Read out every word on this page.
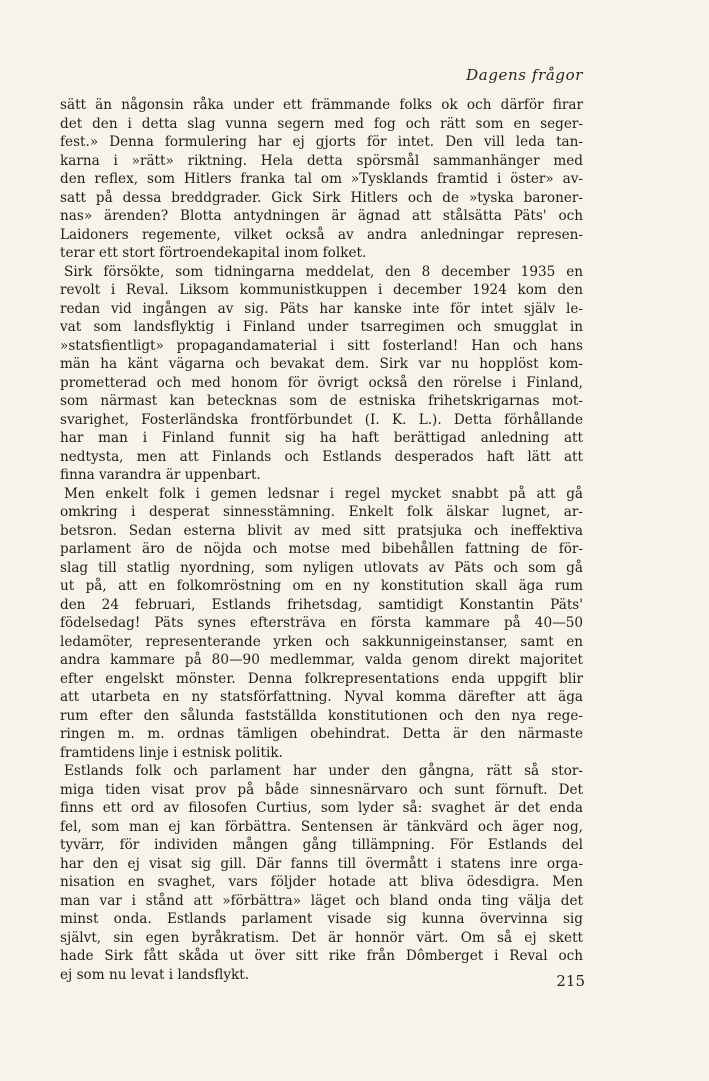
Dagens frågor
sätt än någonsin råka under ett främmande folks ok och därför firar
det den i detta slag vunna segern med fog och rätt som en seger-
fest.» Denna formulering har ej gjorts för intet. Den vill leda tan-
karna i »rätt» riktning. Hela detta spörsmål sammanhänger med
den reflex, som Hitlers franka tal om »Tysklands framtid i öster» av-
satt på dessa breddgrader. Gick Sirk Hitlers och de »tyska baroner-
nas» ärenden? Blotta antydningen är ägnad att stålsätta Päts' och
Laidoners regemente, vilket också av andra anledningar represen-
terar ett stort förtroendekapital inom folket.
Sirk försökte, som tidningarna meddelat, den 8 december 1935 en
revolt i Reval. Liksom kommunistkuppen i december 1924 kom den
redan vid ingången av sig. Päts har kanske inte för intet själv le-
vat som landsflyktig i Finland under tsarregimen och smugglat in
»statsfientligt» propagandamaterial i sitt fosterland! Han och hans
män ha känt vägarna och bevakat dem. Sirk var nu hopplöst kom-
prometterad och med honom för övrigt också den rörelse i Finland,
som närmast kan betecknas som de estniska frihetskrigarnas mot-
svarighet, Fosterländska frontförbundet (I. K. L.). Detta förhållande
har man i Finland funnit sig ha haft berättigad anledning att
nedtysta, men att Finlands och Estlands desperados haft lätt att
finna varandra är uppenbart.
Men enkelt folk i gemen ledsnar i regel mycket snabbt på att gå
omkring i desperat sinnesstämning. Enkelt folk älskar lugnet, ar-
betsron. Sedan esterna blivit av med sitt pratsjuka och ineffektiva
parlament äro de nöjda och motse med bibehållen fattning de för-
slag till statlig nyordning, som nyligen utlovats av Päts och som gå
ut på, att en folkomröstning om en ny konstitution skall äga rum
den 24 februari, Estlands frihetsdag, samtidigt Konstantin Päts'
födelsedag! Päts synes eftersträva en första kammare på 40—50
ledamöter, representerande yrken och sakkunnigeinstanser, samt en
andra kammare på 80—90 medlemmar, valda genom direkt majoritet
efter engelskt mönster. Denna folkrepresentations enda uppgift blir
att utarbeta en ny statsförfattning. Nyval komma därefter att äga
rum efter den sålunda fastställda konstitutionen och den nya rege-
ringen m. m. ordnas tämligen obehindrat. Detta är den närmaste
framtidens linje i estnisk politik.
Estlands folk och parlament har under den gångna, rätt så stor-
miga tiden visat prov på både sinnesnärvaro och sunt förnuft. Det
finns ett ord av filosofen Curtius, som lyder så: svaghet är det enda
fel, som man ej kan förbättra. Sentensen är tänkvärd och äger nog,
tyvärr, för individen mången gång tillämpning. För Estlands del
har den ej visat sig gill. Där fanns till övermått i statens inre orga-
nisation en svaghet, vars följder hotade att bliva ödesdigra. Men
man var i stånd att »förbättra» läget och bland onda ting välja det
minst onda. Estlands parlament visade sig kunna övervinna sig
självt, sin egen byråkratism. Det är honnör värt. Om så ej skett
hade Sirk fått skåda ut över sitt rike från Dômberget i Reval och
ej som nu levat i landsflykt.	215
